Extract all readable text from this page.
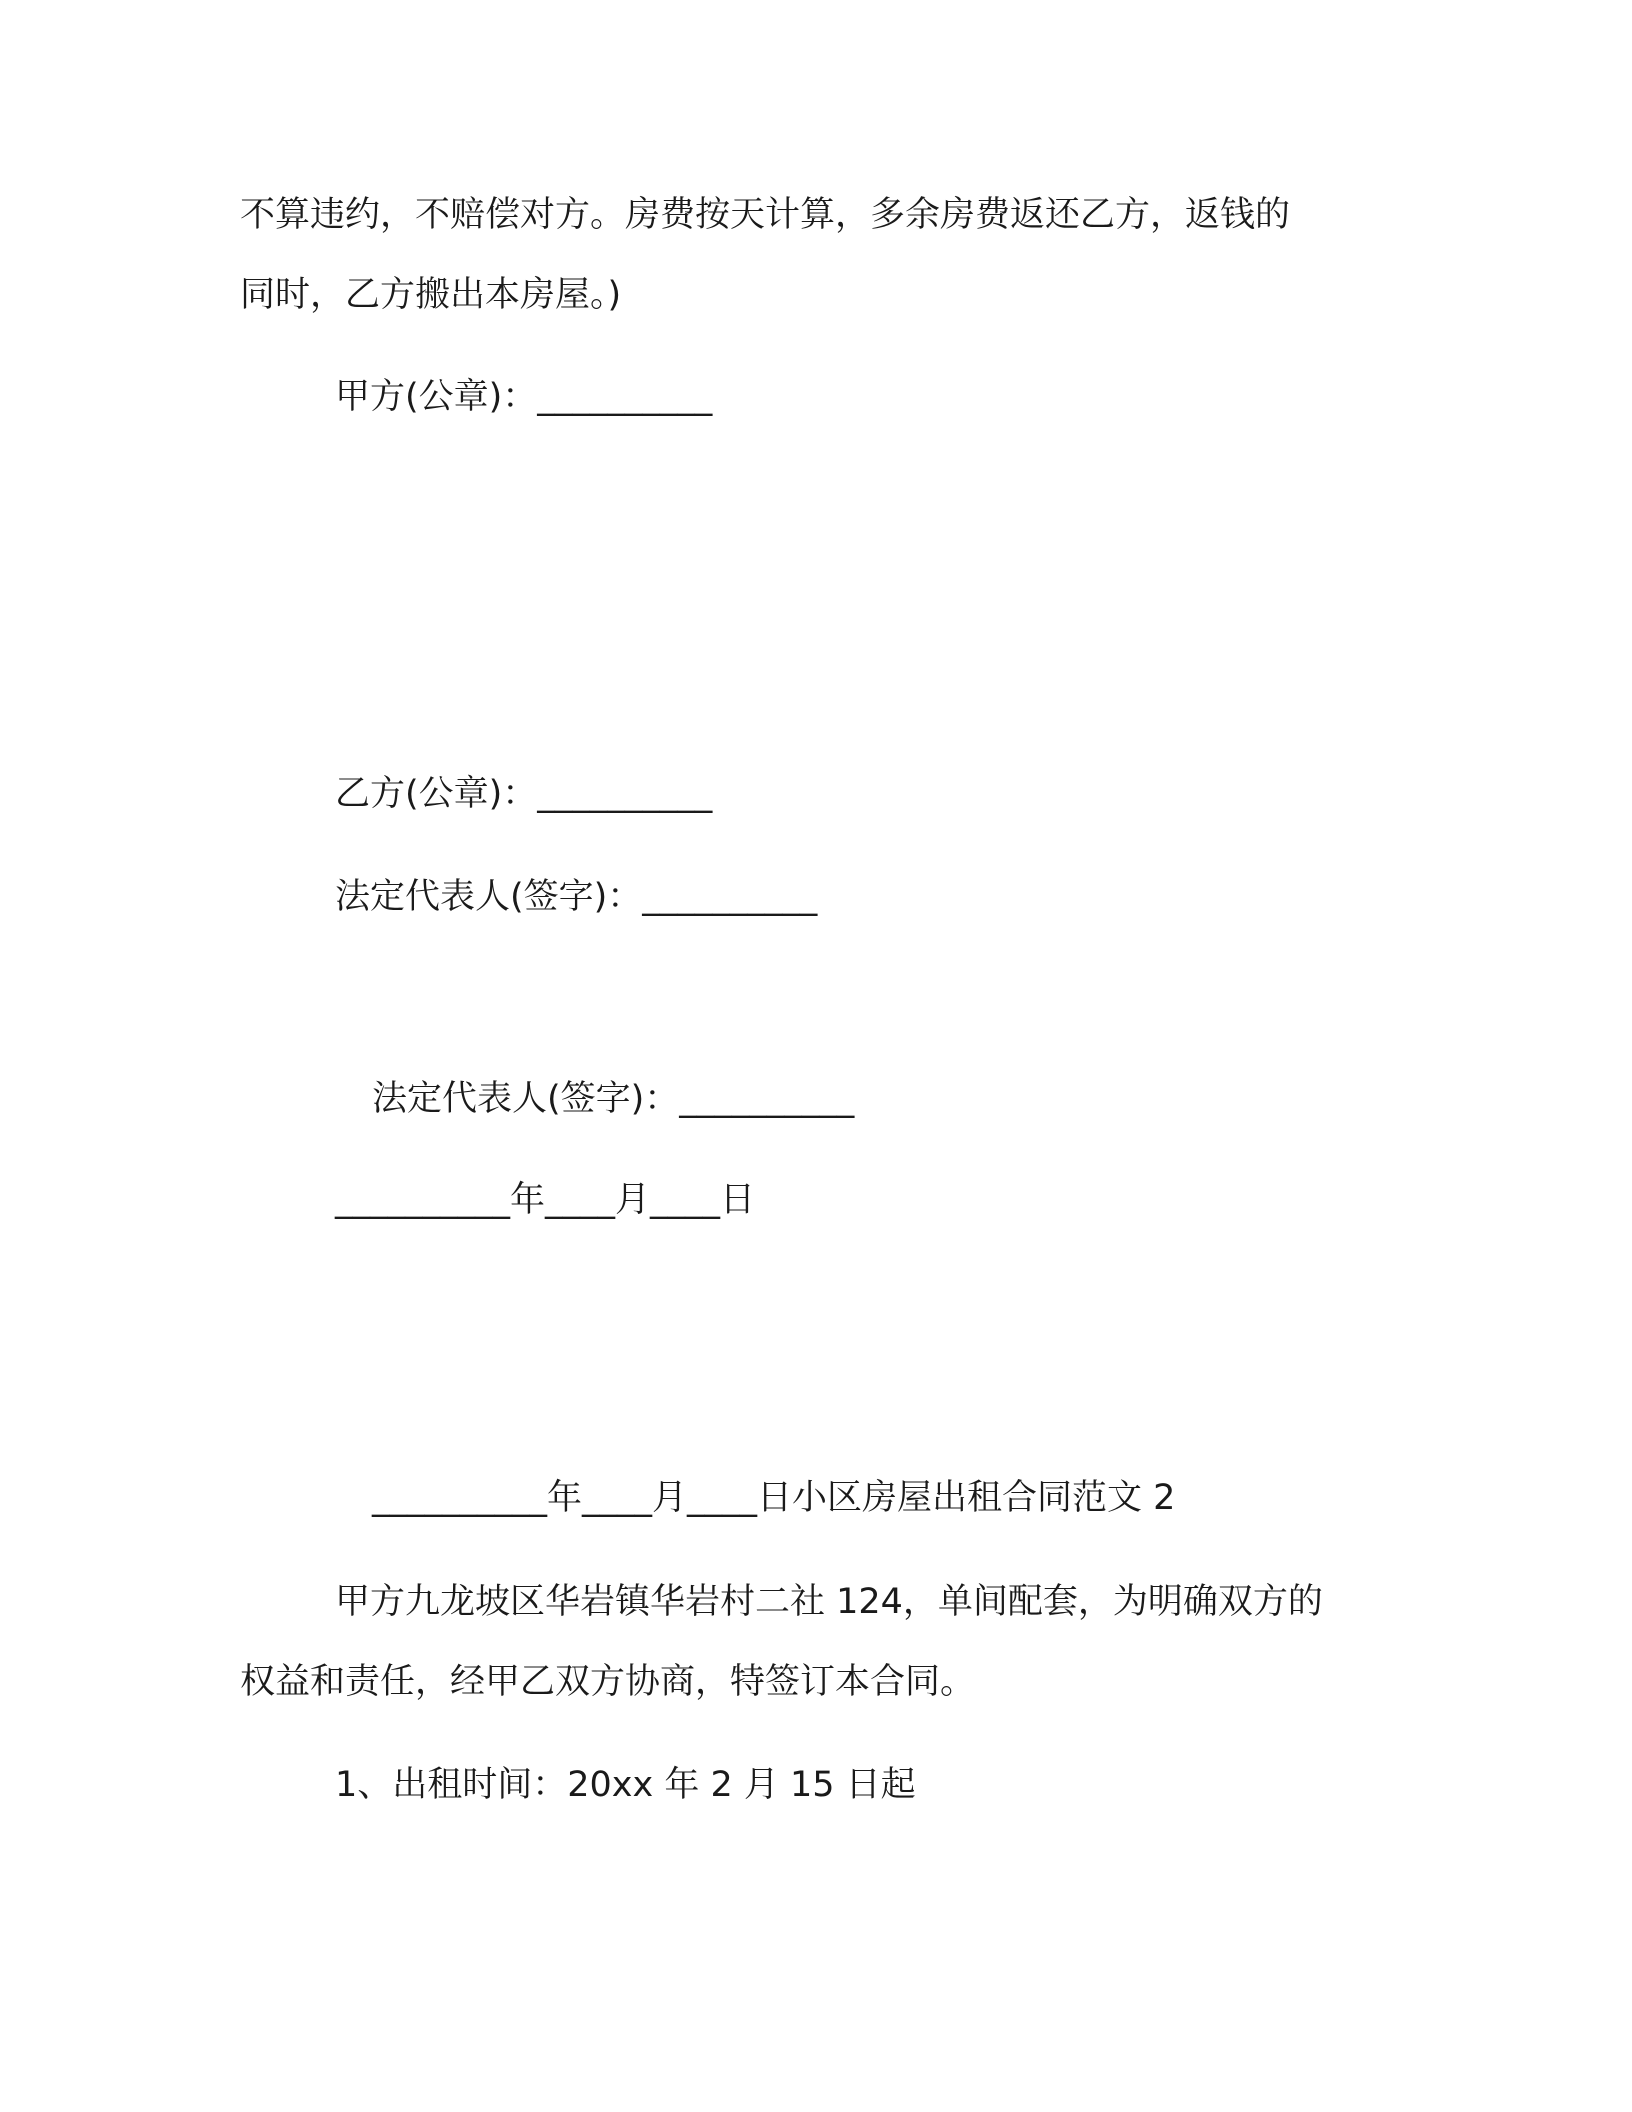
不算违约，不赔偿对方。房费按天计算，多余房费返还乙方，返钱的

同时，乙方搬出本房屋。)

甲方(公章)：__________

乙方(公章)：__________

法定代表人(签字)：__________

法定代表人(签字)：__________

__________年____月____日

__________年____月____日小区房屋出租合同范文 2

甲方九龙坡区华岩镇华岩村二社 124，单间配套，为明确双方的

权益和责任，经甲乙双方协商，特签订本合同。

1、出租时间：20xx 年 2 月 15 日起
